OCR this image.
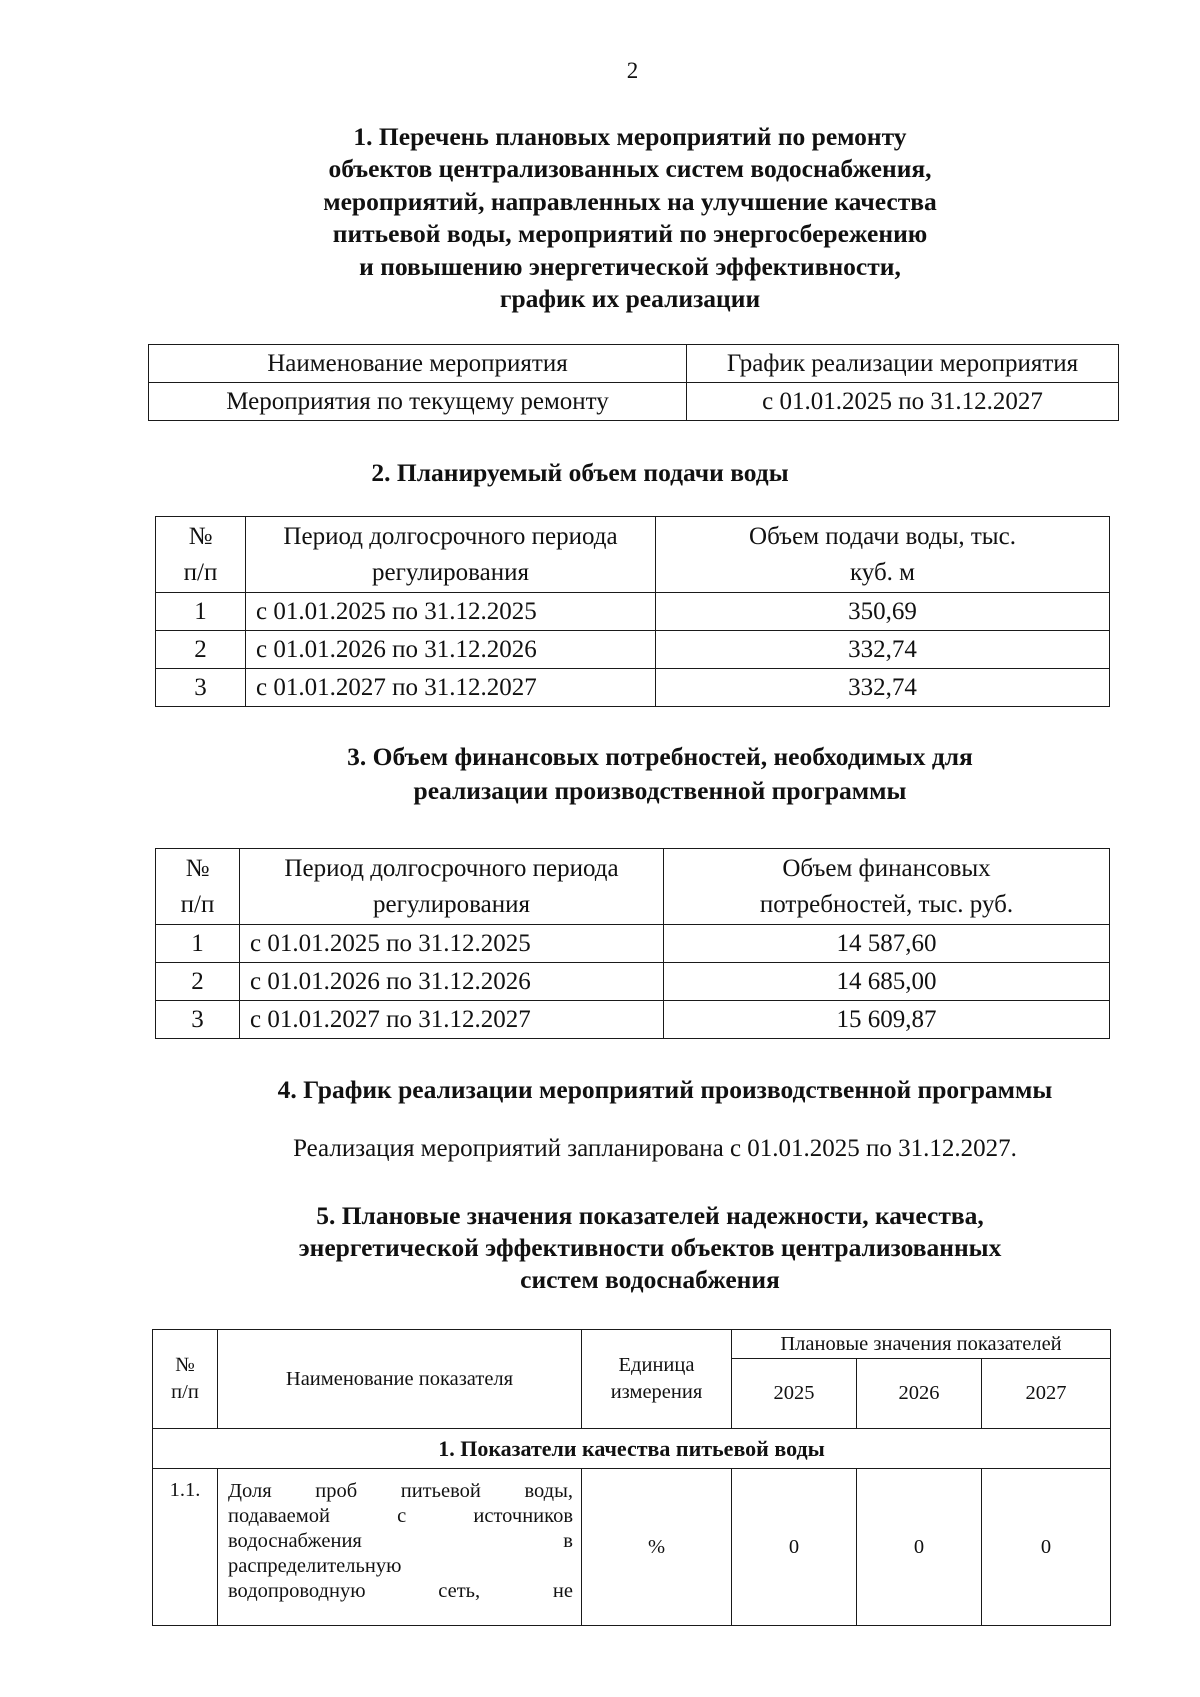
2
1. Перечень плановых мероприятий по ремонту
объектов централизованных систем водоснабжения,
мероприятий, направленных на улучшение качества
питьевой воды, мероприятий по энергосбережению
и повышению энергетической эффективности,
график их реализации
Наименование мероприятия	График реализации мероприятия
Мероприятия по текущему ремонту	с 01.01.2025 по 31.12.2027
2. Планируемый объем подачи воды
№ п/п	Период долгосрочного периода регулирования	Объем подачи воды, тыс. куб. м
1	с 01.01.2025 по 31.12.2025	350,69
2	с 01.01.2026 по 31.12.2026	332,74
3	с 01.01.2027 по 31.12.2027	332,74
3. Объем финансовых потребностей, необходимых для
реализации производственной программы
№ п/п	Период долгосрочного периода регулирования	Объем финансовых потребностей, тыс. руб.
1	с 01.01.2025 по 31.12.2025	14 587,60
2	с 01.01.2026 по 31.12.2026	14 685,00
3	с 01.01.2027 по 31.12.2027	15 609,87
4. График реализации мероприятий производственной программы
Реализация мероприятий запланирована с 01.01.2025 по 31.12.2027.
5. Плановые значения показателей надежности, качества,
энергетической эффективности объектов централизованных
систем водоснабжения
№ п/п	Наименование показателя	Единица измерения	Плановые значения показателей		
			2025	2026	2027
1. Показатели качества питьевой воды					
1.1.	Доля проб питьевой воды,
подаваемой с источников
водоснабжения в
распределительную
водопроводную сеть, не	%	0	0	0
